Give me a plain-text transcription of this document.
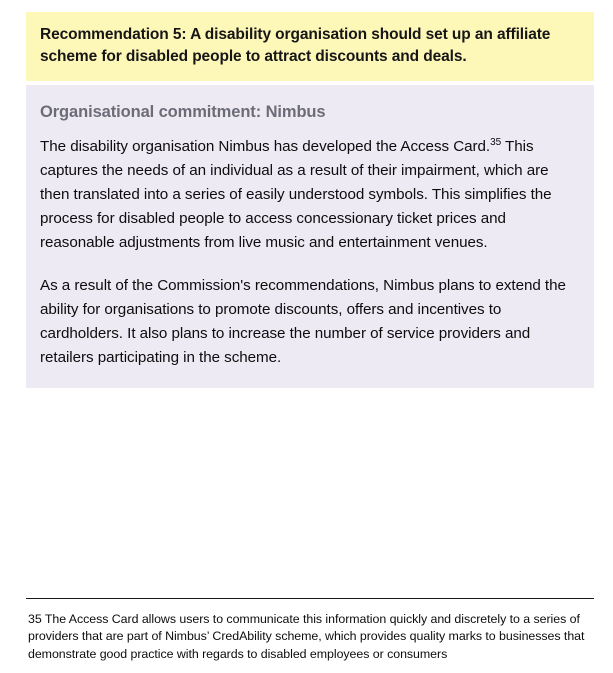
Recommendation 5: A disability organisation should set up an affiliate scheme for disabled people to attract discounts and deals.

Organisational commitment: Nimbus

The disability organisation Nimbus has developed the Access Card.$^{35}$ This captures the needs of an individual as a result of their impairment, which are then translated into a series of easily understood symbols. This simplifies the process for disabled people to access concessionary ticket prices and reasonable adjustments from live music and entertainment venues.

As a result of the Commission's recommendations, Nimbus plans to extend the ability for organisations to promote discounts, offers and incentives to cardholders. It also plans to increase the number of service providers and retailers participating in the scheme.

35 The Access Card allows users to communicate this information quickly and discretely to a series of providers that are part of Nimbus’ CredAbility scheme, which provides quality marks to businesses that demonstrate good practice with regards to disabled employees or consumers
